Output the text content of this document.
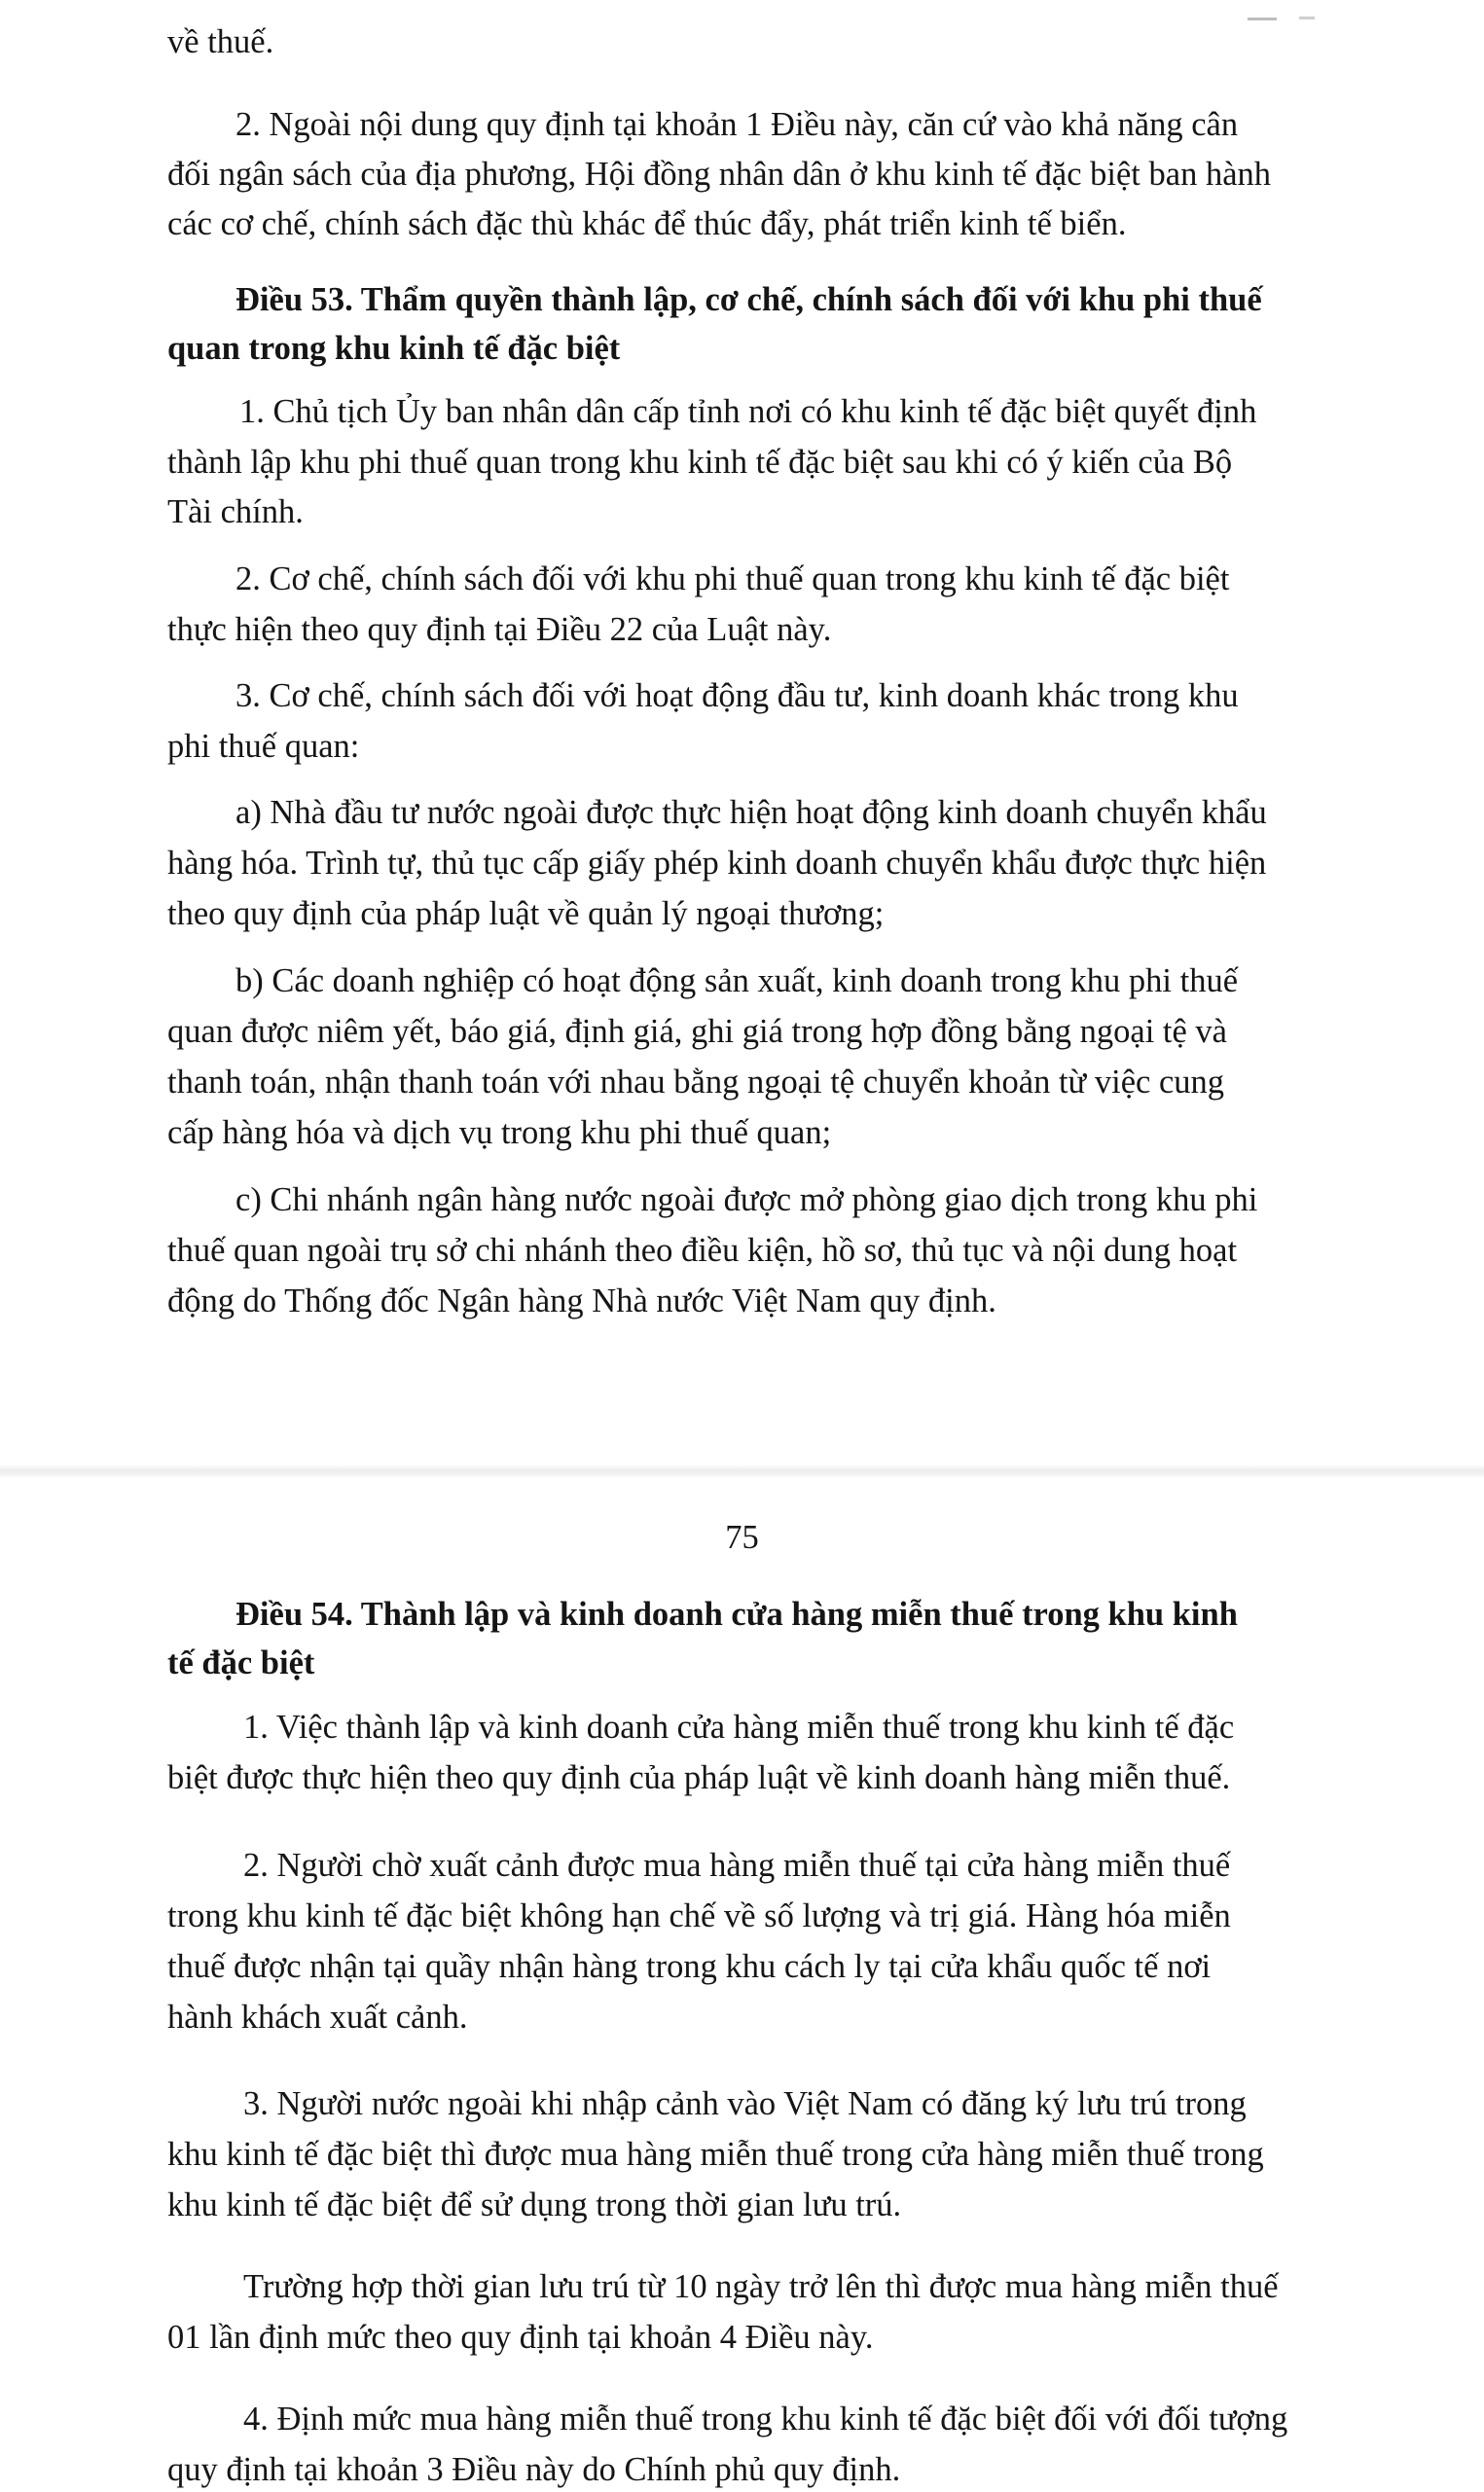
về thuế.
2. Ngoài nội dung quy định tại khoản 1 Điều này, căn cứ vào khả năng cân
đối ngân sách của địa phương, Hội đồng nhân dân ở khu kinh tế đặc biệt ban hành
các cơ chế, chính sách đặc thù khác để thúc đẩy, phát triển kinh tế biển.
Điều 53. Thẩm quyền thành lập, cơ chế, chính sách đối với khu phi thuế
quan trong khu kinh tế đặc biệt
1. Chủ tịch Ủy ban nhân dân cấp tỉnh nơi có khu kinh tế đặc biệt quyết định
thành lập khu phi thuế quan trong khu kinh tế đặc biệt sau khi có ý kiến của Bộ
Tài chính.
2. Cơ chế, chính sách đối với khu phi thuế quan trong khu kinh tế đặc biệt
thực hiện theo quy định tại Điều 22 của Luật này.
3. Cơ chế, chính sách đối với hoạt động đầu tư, kinh doanh khác trong khu
phi thuế quan:
a) Nhà đầu tư nước ngoài được thực hiện hoạt động kinh doanh chuyển khẩu
hàng hóa. Trình tự, thủ tục cấp giấy phép kinh doanh chuyển khẩu được thực hiện
theo quy định của pháp luật về quản lý ngoại thương;
b) Các doanh nghiệp có hoạt động sản xuất, kinh doanh trong khu phi thuế
quan được niêm yết, báo giá, định giá, ghi giá trong hợp đồng bằng ngoại tệ và
thanh toán, nhận thanh toán với nhau bằng ngoại tệ chuyển khoản từ việc cung
cấp hàng hóa và dịch vụ trong khu phi thuế quan;
c) Chi nhánh ngân hàng nước ngoài được mở phòng giao dịch trong khu phi
thuế quan ngoài trụ sở chi nhánh theo điều kiện, hồ sơ, thủ tục và nội dung hoạt
động do Thống đốc Ngân hàng Nhà nước Việt Nam quy định.
75
Điều 54. Thành lập và kinh doanh cửa hàng miễn thuế trong khu kinh
tế đặc biệt
1. Việc thành lập và kinh doanh cửa hàng miễn thuế trong khu kinh tế đặc
biệt được thực hiện theo quy định của pháp luật về kinh doanh hàng miễn thuế.
2. Người chờ xuất cảnh được mua hàng miễn thuế tại cửa hàng miễn thuế
trong khu kinh tế đặc biệt không hạn chế về số lượng và trị giá. Hàng hóa miễn
thuế được nhận tại quầy nhận hàng trong khu cách ly tại cửa khẩu quốc tế nơi
hành khách xuất cảnh.
3. Người nước ngoài khi nhập cảnh vào Việt Nam có đăng ký lưu trú trong
khu kinh tế đặc biệt thì được mua hàng miễn thuế trong cửa hàng miễn thuế trong
khu kinh tế đặc biệt để sử dụng trong thời gian lưu trú.
Trường hợp thời gian lưu trú từ 10 ngày trở lên thì được mua hàng miễn thuế
01 lần định mức theo quy định tại khoản 4 Điều này.
4. Định mức mua hàng miễn thuế trong khu kinh tế đặc biệt đối với đối tượng
quy định tại khoản 3 Điều này do Chính phủ quy định.
